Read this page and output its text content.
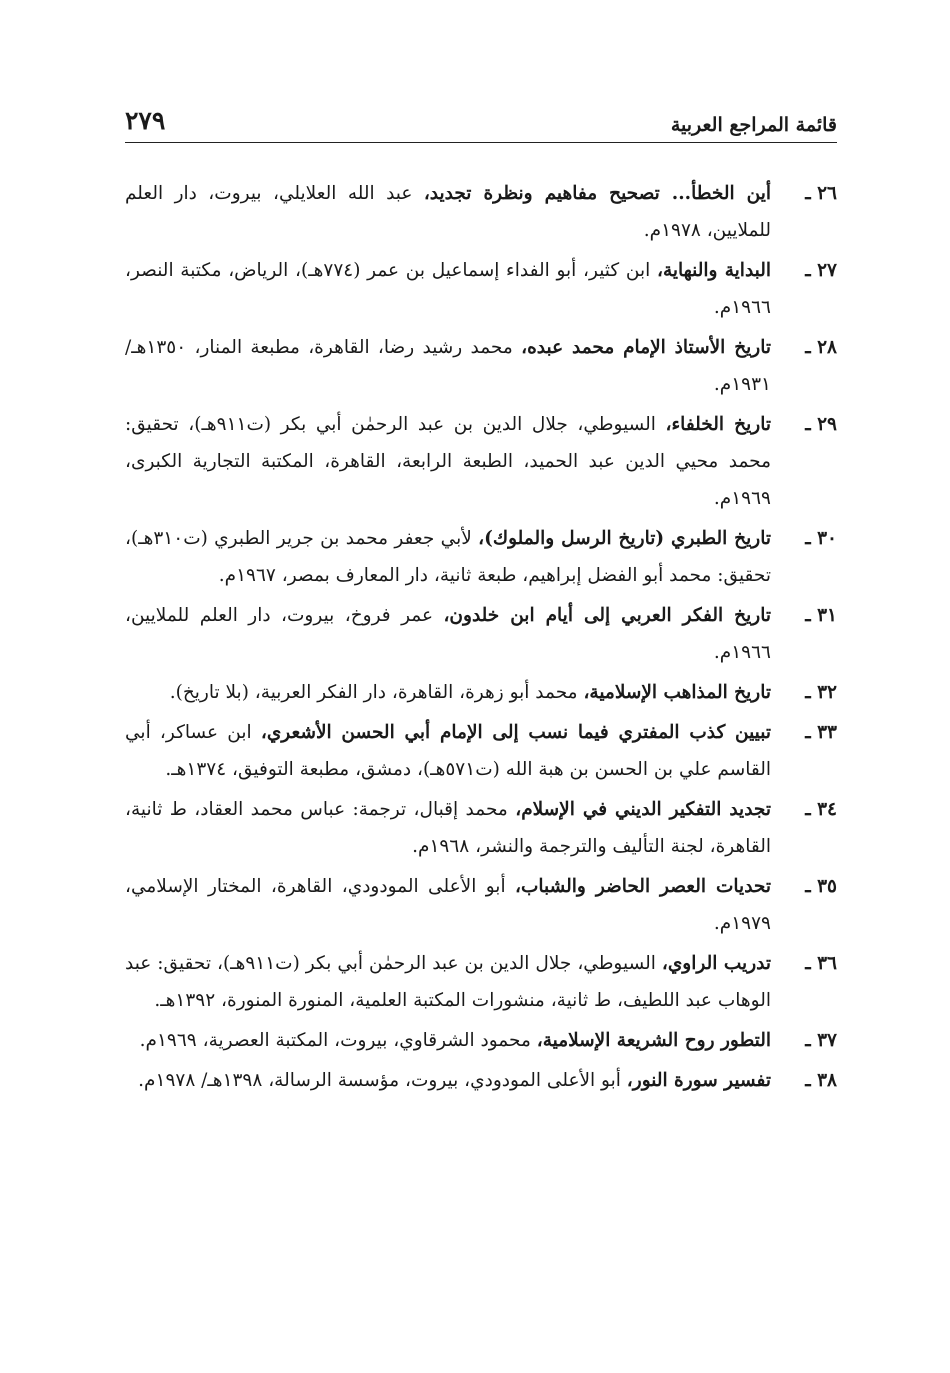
قائمة المراجع العربية
٢٧٩
٢٦ ـ
أين الخطأ... تصحيح مفاهيم ونظرة تجديد، عبد الله العلايلي، بيروت، دار العلم للملايين، ١٩٧٨م.
٢٧ ـ
البداية والنهاية، ابن كثير، أبو الفداء إسماعيل بن عمر (٧٧٤هـ)، الرياض، مكتبة النصر، ١٩٦٦م.
٢٨ ـ
تاريخ الأستاذ الإمام محمد عبده، محمد رشيد رضا، القاهرة، مطبعة المنار، ١٣٥٠هـ/ ١٩٣١م.
٢٩ ـ
تاريخ الخلفاء، السيوطي، جلال الدين بن عبد الرحمٰن أبي بكر (ت٩١١هـ)، تحقيق: محمد محيي الدين عبد الحميد، الطبعة الرابعة، القاهرة، المكتبة التجارية الكبرى، ١٩٦٩م.
٣٠ ـ
تاريخ الطبري (تاريخ الرسل والملوك)، لأبي جعفر محمد بن جرير الطبري (ت٣١٠هـ)، تحقيق: محمد أبو الفضل إبراهيم، طبعة ثانية، دار المعارف بمصر، ١٩٦٧م.
٣١ ـ
تاريخ الفكر العربي إلى أيام ابن خلدون، عمر فروخ، بيروت، دار العلم للملايين، ١٩٦٦م.
٣٢ ـ
تاريخ المذاهب الإسلامية، محمد أبو زهرة، القاهرة، دار الفكر العربية، (بلا تاريخ).
٣٣ ـ
تبيين كذب المفتري فيما نسب إلى الإمام أبي الحسن الأشعري، ابن عساكر، أبي القاسم علي بن الحسن بن هبة الله (ت٥٧١هـ)، دمشق، مطبعة التوفيق، ١٣٧٤هـ.
٣٤ ـ
تجديد التفكير الديني في الإسلام، محمد إقبال، ترجمة: عباس محمد العقاد، ط ثانية، القاهرة، لجنة التأليف والترجمة والنشر، ١٩٦٨م.
٣٥ ـ
تحديات العصر الحاضر والشباب، أبو الأعلى المودودي، القاهرة، المختار الإسلامي، ١٩٧٩م.
٣٦ ـ
تدريب الراوي، السيوطي، جلال الدين بن عبد الرحمٰن أبي بكر (ت٩١١هـ)، تحقيق: عبد الوهاب عبد اللطيف، ط ثانية، منشورات المكتبة العلمية، المنورة المنورة، ١٣٩٢هـ.
٣٧ ـ
التطور روح الشريعة الإسلامية، محمود الشرقاوي، بيروت، المكتبة العصرية، ١٩٦٩م.
٣٨ ـ
تفسير سورة النور، أبو الأعلى المودودي، بيروت، مؤسسة الرسالة، ١٣٩٨هـ/ ١٩٧٨م.
